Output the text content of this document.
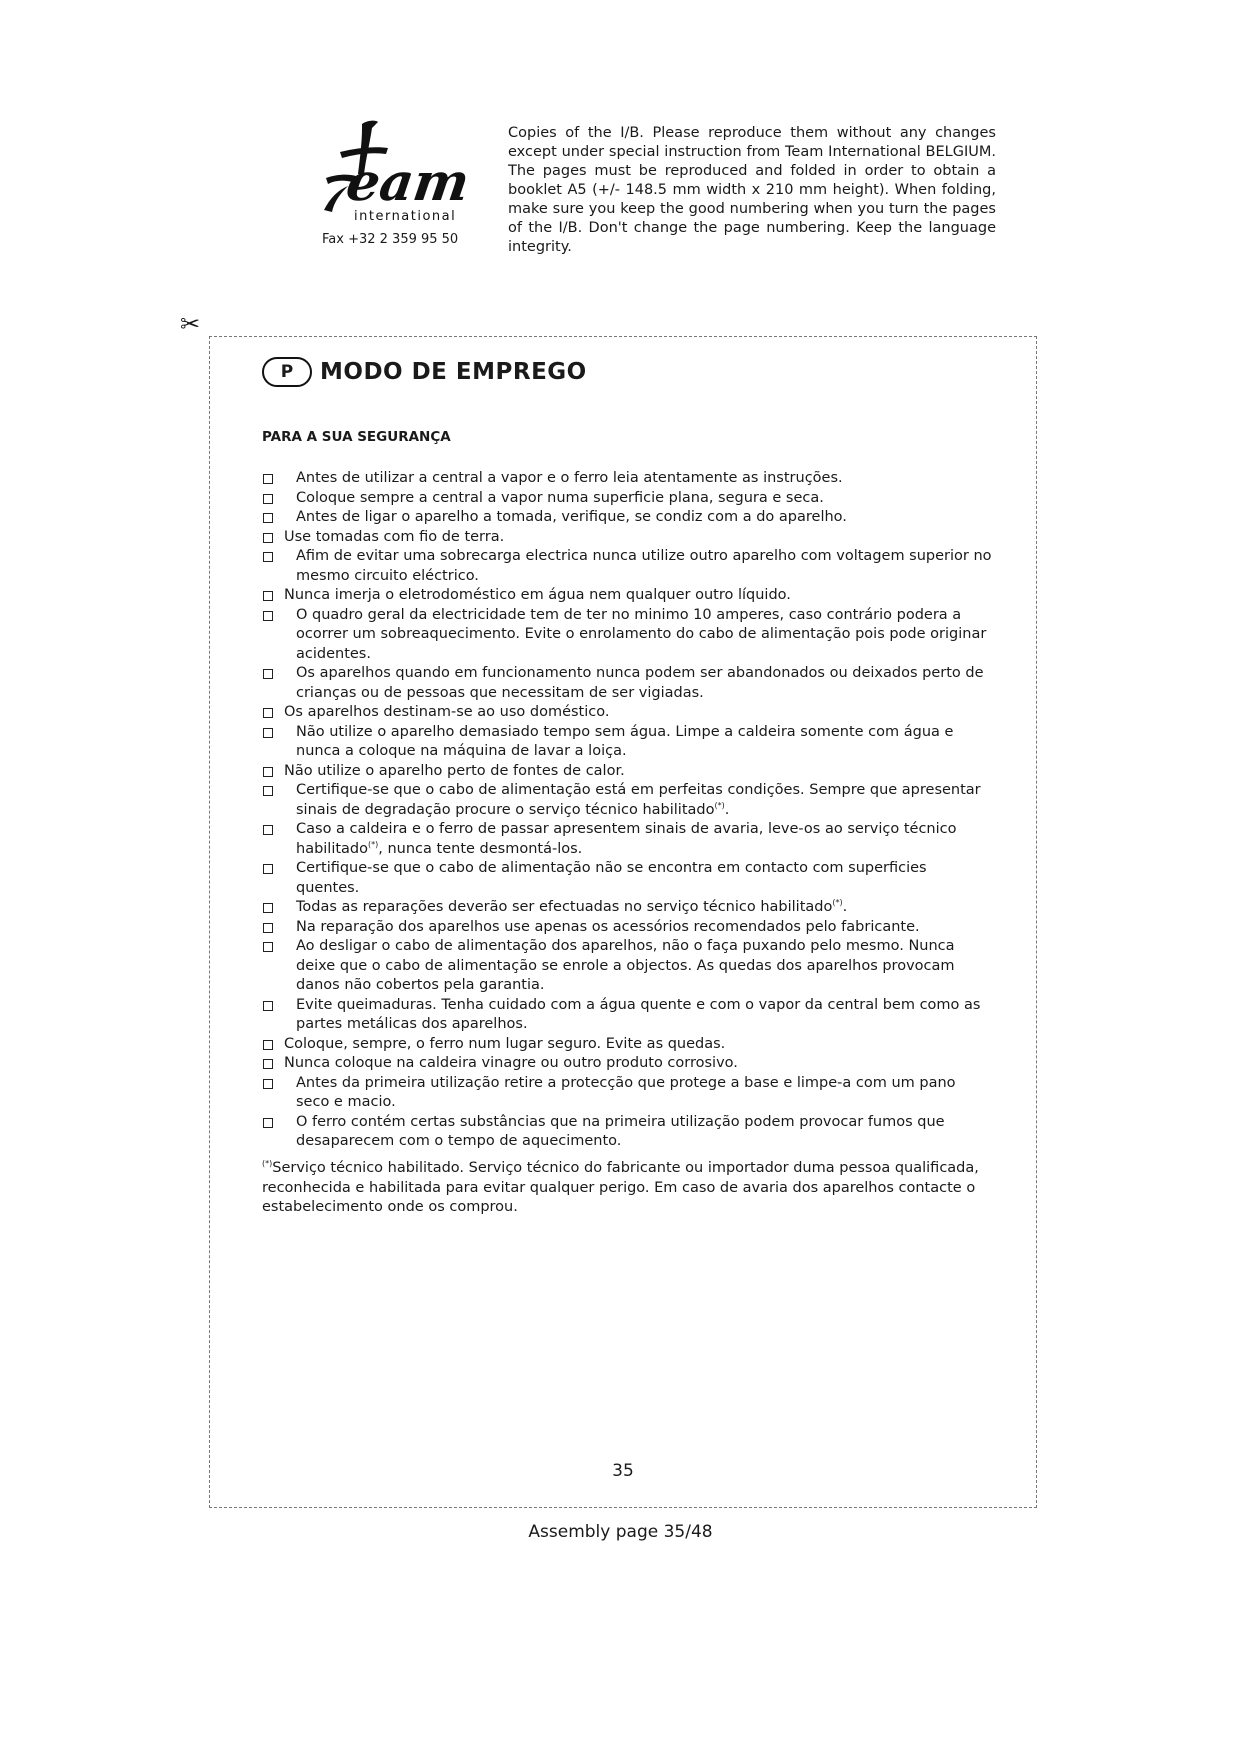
eam
international
Fax +32 2 359 95 50
Copies of the I/B. Please reproduce them without any changes except under special instruction from Team International BELGIUM. The pages must be reproduced and folded in order to obtain a booklet A5 (+/- 148.5 mm width x 210 mm height). When folding, make sure you keep the good numbering when you turn the pages of the I/B. Don't change the page numbering. Keep the language integrity.
✂
P	MODO DE EMPREGO
PARA A SUA SEGURANÇA
Antes de utilizar a central a vapor e o ferro leia atentamente as instruções.
Coloque sempre a central a vapor numa superficie plana, segura e seca.
Antes de ligar o aparelho a tomada, verifique, se condiz com a do aparelho.
Use tomadas com fio de terra.
Afim de evitar uma sobrecarga electrica nunca utilize outro aparelho com voltagem superior no mesmo circuito eléctrico.
Nunca imerja o eletrodoméstico em água nem qualquer outro líquido.
O quadro geral da electricidade tem de ter no minimo 10 amperes, caso contrário podera a ocorrer um sobreaquecimento. Evite o enrolamento do cabo de alimentação pois pode originar acidentes.
Os aparelhos quando em funcionamento nunca podem ser abandonados ou deixados perto de crianças ou de pessoas que necessitam de ser vigiadas.
Os aparelhos destinam-se ao uso doméstico.
Não utilize o aparelho demasiado tempo sem água. Limpe a caldeira somente com água e nunca a coloque na máquina de lavar a loiça.
Não utilize o aparelho perto de fontes de calor.
Certifique-se que o cabo de alimentação está em perfeitas condições. Sempre que apresentar sinais de degradação procure o serviço técnico habilitado(*).
Caso a caldeira e o ferro de passar apresentem sinais de avaria, leve-os ao serviço técnico habilitado(*), nunca tente desmontá-los.
Certifique-se que o cabo de alimentação não se encontra em contacto com superficies quentes.
Todas as reparações deverão ser efectuadas no serviço técnico habilitado(*).
Na reparação dos aparelhos use apenas os acessórios recomendados pelo fabricante.
Ao desligar o cabo de alimentação dos aparelhos, não o faça puxando pelo mesmo. Nunca deixe que o cabo de alimentação se enrole a objectos. As quedas dos aparelhos provocam danos não cobertos pela garantia.
Evite queimaduras. Tenha cuidado com a água quente e com o vapor da central bem como as partes metálicas dos aparelhos.
Coloque, sempre, o ferro num lugar seguro. Evite as quedas.
Nunca coloque na caldeira vinagre ou outro produto corrosivo.
Antes da primeira utilização retire a protecção que protege a base e limpe-a com um pano seco e macio.
O ferro contém certas substâncias que na primeira utilização podem provocar fumos que desaparecem com o tempo de aquecimento.
(*)Serviço técnico habilitado. Serviço técnico do fabricante ou importador duma pessoa qualificada, reconhecida e habilitada para evitar qualquer perigo. Em caso de avaria dos aparelhos contacte o estabelecimento onde os comprou.
35
Assembly page 35/48
